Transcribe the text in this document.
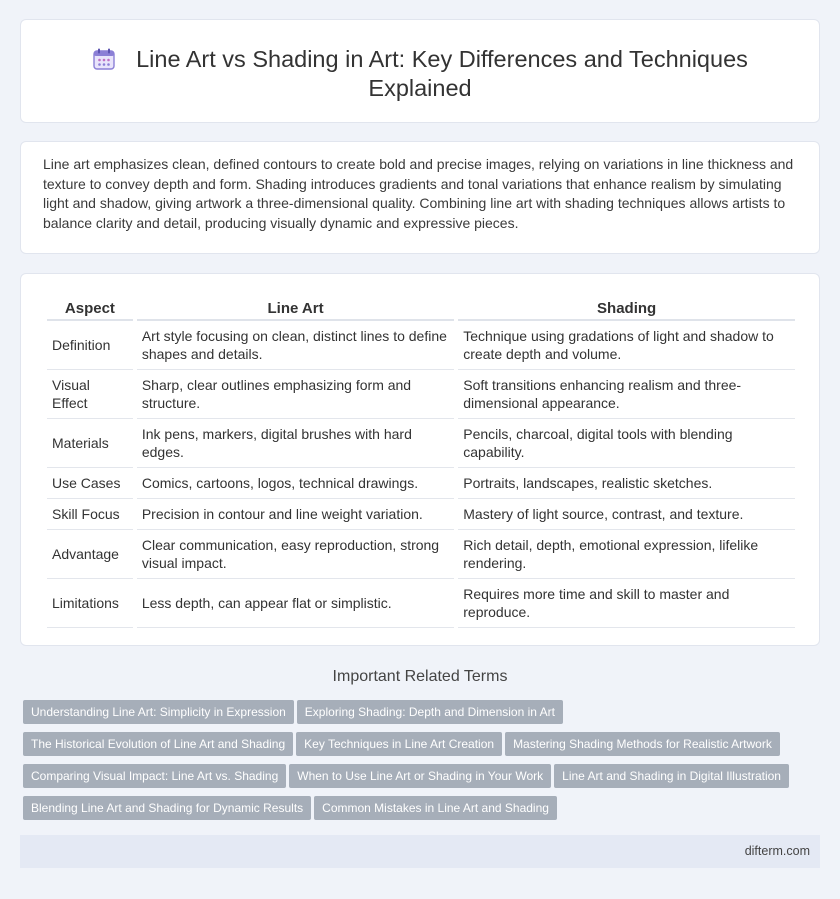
Line Art vs Shading in Art: Key Differences and Techniques Explained

Line art emphasizes clean, defined contours to create bold and precise images, relying on variations in line thickness and texture to convey depth and form. Shading introduces gradients and tonal variations that enhance realism by simulating light and shadow, giving artwork a three-dimensional quality. Combining line art with shading techniques allows artists to balance clarity and detail, producing visually dynamic and expressive pieces.

Aspect	Line Art	Shading
Definition	Art style focusing on clean, distinct lines to define shapes and details.	Technique using gradations of light and shadow to create depth and volume.
Visual Effect	Sharp, clear outlines emphasizing form and structure.	Soft transitions enhancing realism and three-dimensional appearance.
Materials	Ink pens, markers, digital brushes with hard edges.	Pencils, charcoal, digital tools with blending capability.
Use Cases	Comics, cartoons, logos, technical drawings.	Portraits, landscapes, realistic sketches.
Skill Focus	Precision in contour and line weight variation.	Mastery of light source, contrast, and texture.
Advantage	Clear communication, easy reproduction, strong visual impact.	Rich detail, depth, emotional expression, lifelike rendering.
Limitations	Less depth, can appear flat or simplistic.	Requires more time and skill to master and reproduce.
Important Related Terms
Understanding Line Art: Simplicity in Expression Exploring Shading: Depth and Dimension in Art
The Historical Evolution of Line Art and Shading Key Techniques in Line Art Creation Mastering Shading Methods for Realistic Artwork
Comparing Visual Impact: Line Art vs. Shading When to Use Line Art or Shading in Your Work Line Art and Shading in Digital Illustration
Blending Line Art and Shading for Dynamic Results Common Mistakes in Line Art and Shading
difterm.com
